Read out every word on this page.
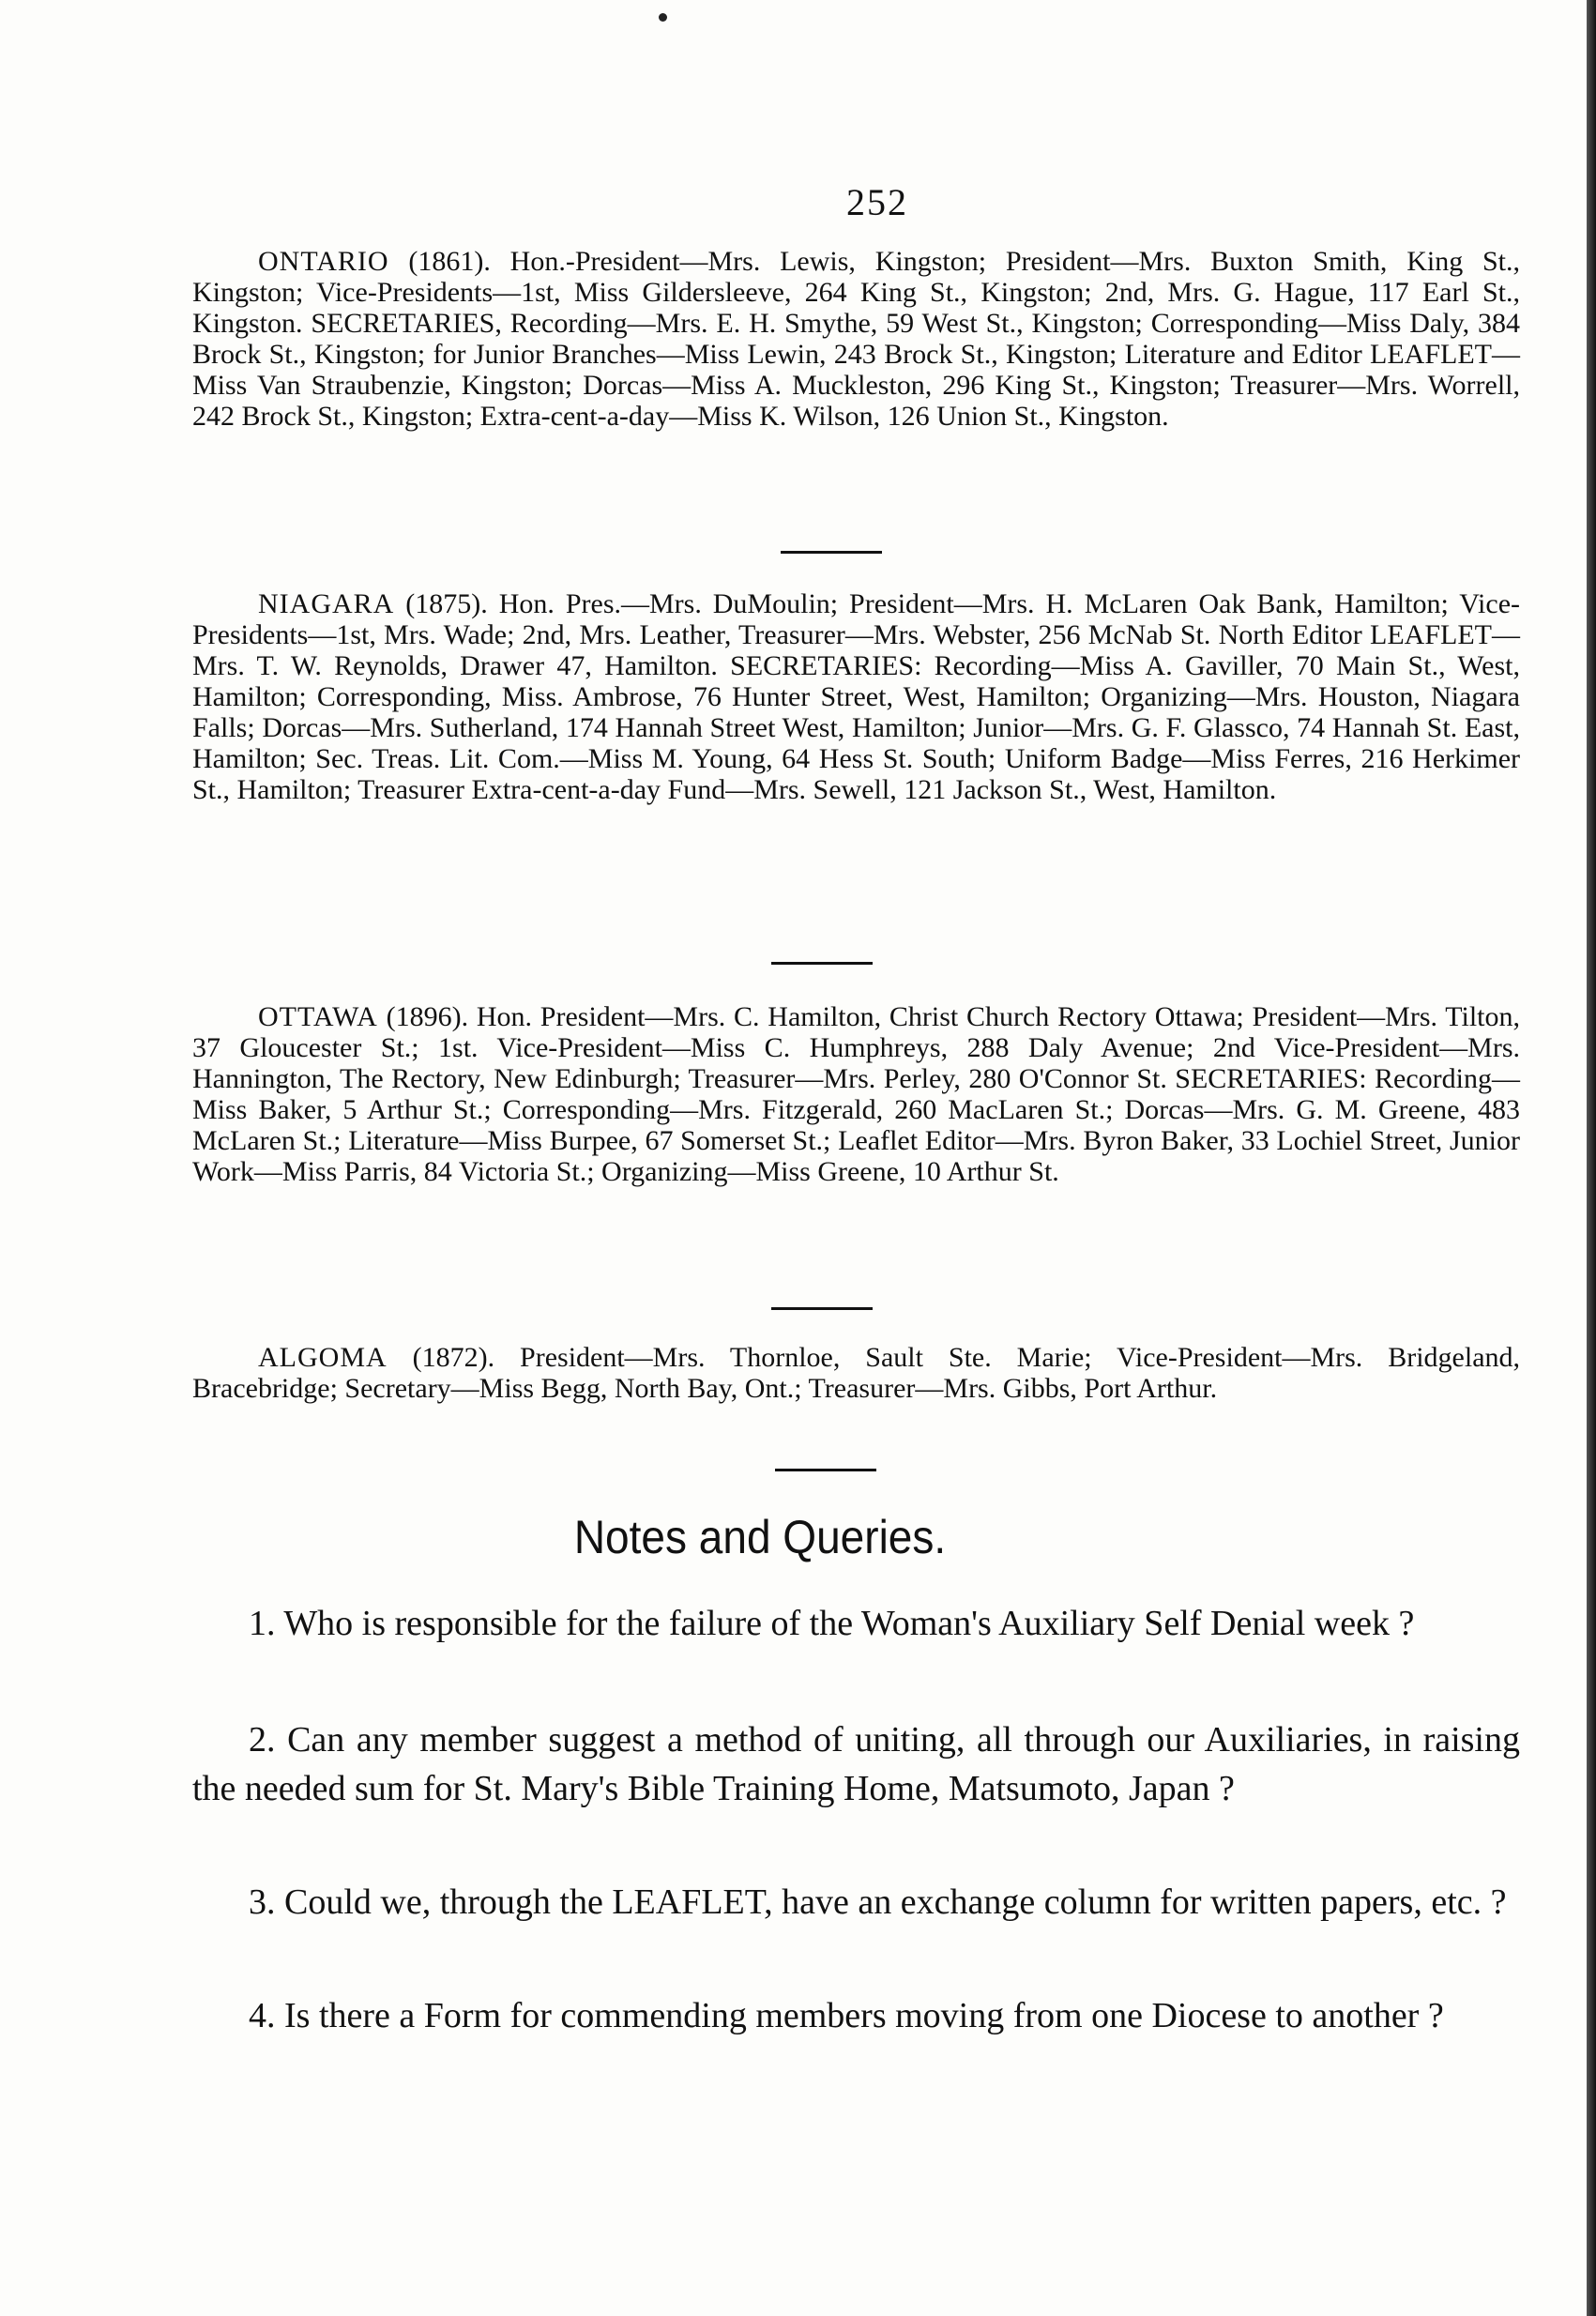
252

ONTARIO (1861). Hon.-President—Mrs. Lewis, Kingston; President—Mrs. Buxton Smith, King St., Kingston; Vice-Presidents—1st, Miss Gildersleeve, 264 King St., Kingston; 2nd, Mrs. G. Hague, 117 Earl St., Kingston. SECRETARIES, Recording—Mrs. E. H. Smythe, 59 West St., Kingston; Corresponding—Miss Daly, 384 Brock St., Kingston; for Junior Branches—Miss Lewin, 243 Brock St., Kingston; Literature and Editor LEAFLET—Miss Van Straubenzie, Kingston; Dorcas—Miss A. Muckleston, 296 King St., Kingston; Treasurer—Mrs. Worrell, 242 Brock St., Kingston; Extra-cent-a-day—Miss K. Wilson, 126 Union St., Kingston.

NIAGARA (1875). Hon. Pres.—Mrs. DuMoulin; President—Mrs. H. McLaren Oak Bank, Hamilton; Vice-Presidents—1st, Mrs. Wade; 2nd, Mrs. Leather, Treasurer—Mrs. Webster, 256 McNab St. North Editor LEAFLET—Mrs. T. W. Reynolds, Drawer 47, Hamilton. SECRETARIES: Recording—Miss A. Gaviller, 70 Main St., West, Hamilton; Corresponding, Miss. Ambrose, 76 Hunter Street, West, Hamilton; Organizing—Mrs. Houston, Niagara Falls; Dorcas—Mrs. Sutherland, 174 Hannah Street West, Hamilton; Junior—Mrs. G. F. Glassco, 74 Hannah St. East, Hamilton; Sec. Treas. Lit. Com.—Miss M. Young, 64 Hess St. South; Uniform Badge—Miss Ferres, 216 Herkimer St., Hamilton; Treasurer Extra-cent-a-day Fund—Mrs. Sewell, 121 Jackson St., West, Hamilton.

OTTAWA (1896). Hon. President—Mrs. C. Hamilton, Christ Church Rectory Ottawa; President—Mrs. Tilton, 37 Gloucester St.; 1st. Vice-President—Miss C. Humphreys, 288 Daly Avenue; 2nd Vice-President—Mrs. Hannington, The Rectory, New Edinburgh; Treasurer—Mrs. Perley, 280 O'Connor St. SECRETARIES: Recording—Miss Baker, 5 Arthur St.; Corresponding—Mrs. Fitzgerald, 260 MacLaren St.; Dorcas—Mrs. G. M. Greene, 483 McLaren St.; Literature—Miss Burpee, 67 Somerset St.; Leaflet Editor—Mrs. Byron Baker, 33 Lochiel Street, Junior Work—Miss Parris, 84 Victoria St.; Organizing—Miss Greene, 10 Arthur St.

ALGOMA (1872). President—Mrs. Thornloe, Sault Ste. Marie; Vice-President—Mrs. Bridgeland, Bracebridge; Secretary—Miss Begg, North Bay, Ont.; Treasurer—Mrs. Gibbs, Port Arthur.

Notes and Queries.

1. Who is responsible for the failure of the Woman's Auxiliary Self Denial week ?

2. Can any member suggest a method of uniting, all through our Auxiliaries, in raising the needed sum for St. Mary's Bible Training Home, Matsumoto, Japan ?

3. Could we, through the LEAFLET, have an exchange column for written papers, etc. ?

4. Is there a Form for commending members moving from one Diocese to another ?
